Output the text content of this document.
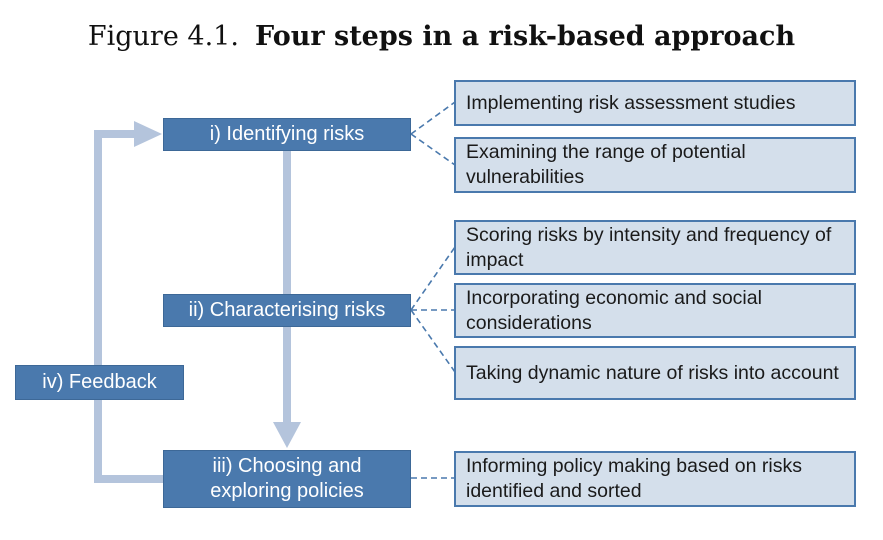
Figure 4.1. Four steps in a risk-based approach
i) Identifying risks
ii) Characterising risks
iii) Choosing and exploring policies
iv) Feedback
Implementing risk assessment studies
Examining the range of potential vulnerabilities
Scoring risks by intensity and frequency of impact
Incorporating economic and social considerations
Taking dynamic nature of risks into account
Informing policy making based on risks identified and sorted
